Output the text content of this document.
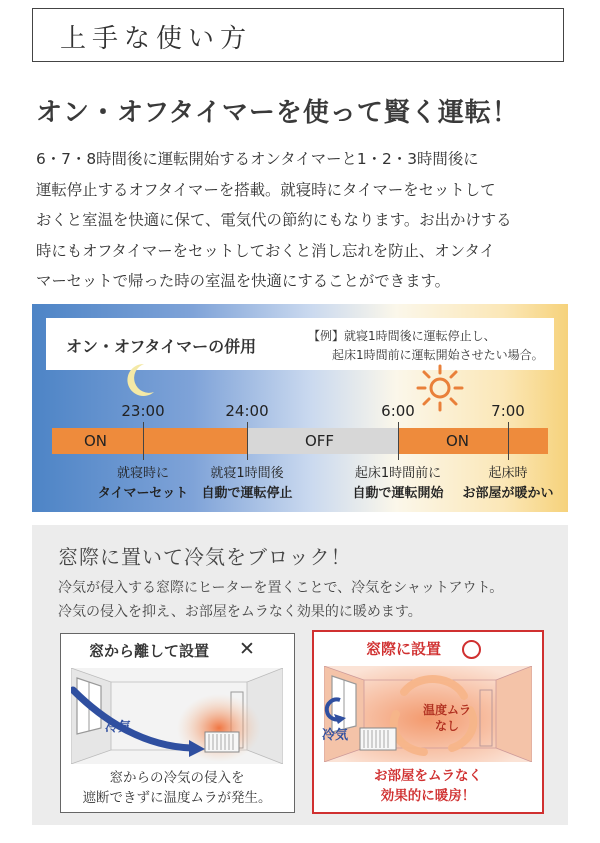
上手な使い方
オン・オフタイマーを使って賢く運転！
6・7・8時間後に運転開始するオンタイマーと1・2・3時間後に
運転停止するオフタイマーを搭載。就寝時にタイマーをセットして
おくと室温を快適に保て、電気代の節約にもなります。お出かけする
時にもオフタイマーをセットしておくと消し忘れを防止、オンタイ
マーセットで帰った時の室温を快適にすることができます。
オン・オフタイマーの併用
【例】就寝1時間後に運転停止し、
起床1時間前に運転開始させたい場合。
23:00	24:00	6:00	7:00
ON	OFF	ON
就寝時に
タイマーセット
就寝1時間後
自動で運転停止
起床1時間前に
自動で運転開始
起床時
お部屋が暖かい
窓際に置いて冷気をブロック！
冷気が侵入する窓際にヒーターを置くことで、冷気をシャットアウト。
冷気の侵入を抑え、お部屋をムラなく効果的に暖めます。
窓から離して設置 ✕
冷気
窓からの冷気の侵入を
遮断できずに温度ムラが発生。
窓際に設置
冷気
温度ムラ
なし
お部屋をムラなく
効果的に暖房！
